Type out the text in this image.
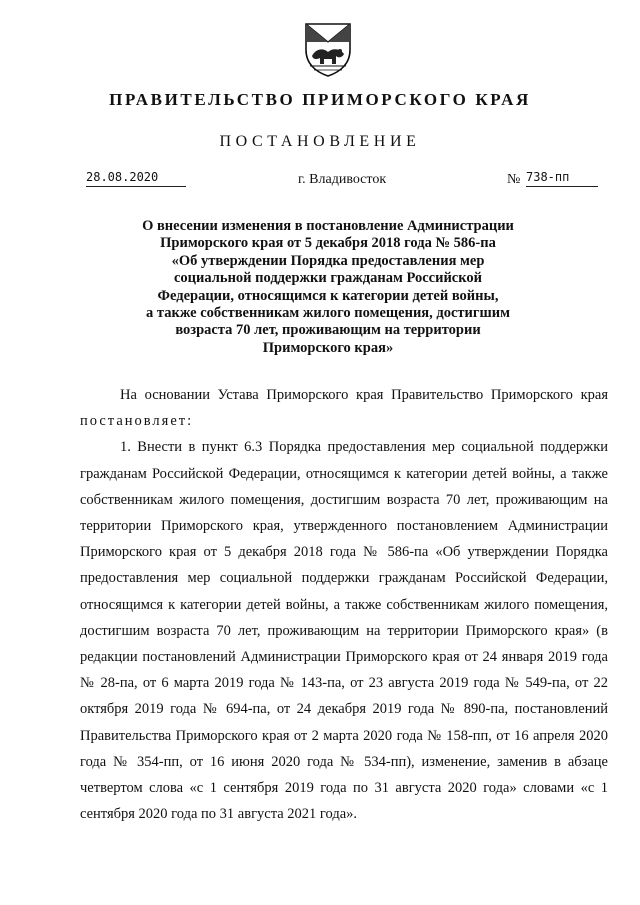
ПРАВИТЕЛЬСТВО ПРИМОРСКОГО КРАЯ
ПОСТАНОВЛЕНИЕ
28.08.2020	г. Владивосток	№ 738-пп
О внесении изменения в постановление Администрации
Приморского края от 5 декабря 2018 года № 586-па
«Об утверждении Порядка предоставления мер
социальной поддержки гражданам Российской
Федерации, относящимся к категории детей войны,
а также собственникам жилого помещения, достигшим
возраста 70 лет, проживающим на территории
Приморского края»

На основании Устава Приморского края Правительство Приморского края постановляет:

1. Внести в пункт 6.3 Порядка предоставления мер социальной поддержки гражданам Российской Федерации, относящимся к категории детей войны, а также собственникам жилого помещения, достигшим возраста 70 лет, проживающим на территории Приморского края, утвержденного постановлением Администрации Приморского края от 5 декабря 2018 года № 586-па «Об утверждении Порядка предоставления мер социальной поддержки гражданам Российской Федерации, относящимся к категории детей войны, а также собственникам жилого помещения, достигшим возраста 70 лет, проживающим на территории Приморского края» (в редакции постановлений Администрации Приморского края от 24 января 2019 года № 28-па, от 6 марта 2019 года № 143-па, от 23 августа 2019 года № 549-па, от 22 октября 2019 года № 694-па, от 24 декабря 2019 года № 890-па, постановлений Правительства Приморского края от 2 марта 2020 года № 158-пп, от 16 апреля 2020 года № 354-пп, от 16 июня 2020 года № 534-пп), изменение, заменив в абзаце четвертом слова «с 1 сентября 2019 года по 31 августа 2020 года» словами «с 1 сентября 2020 года по 31 августа 2021 года».
